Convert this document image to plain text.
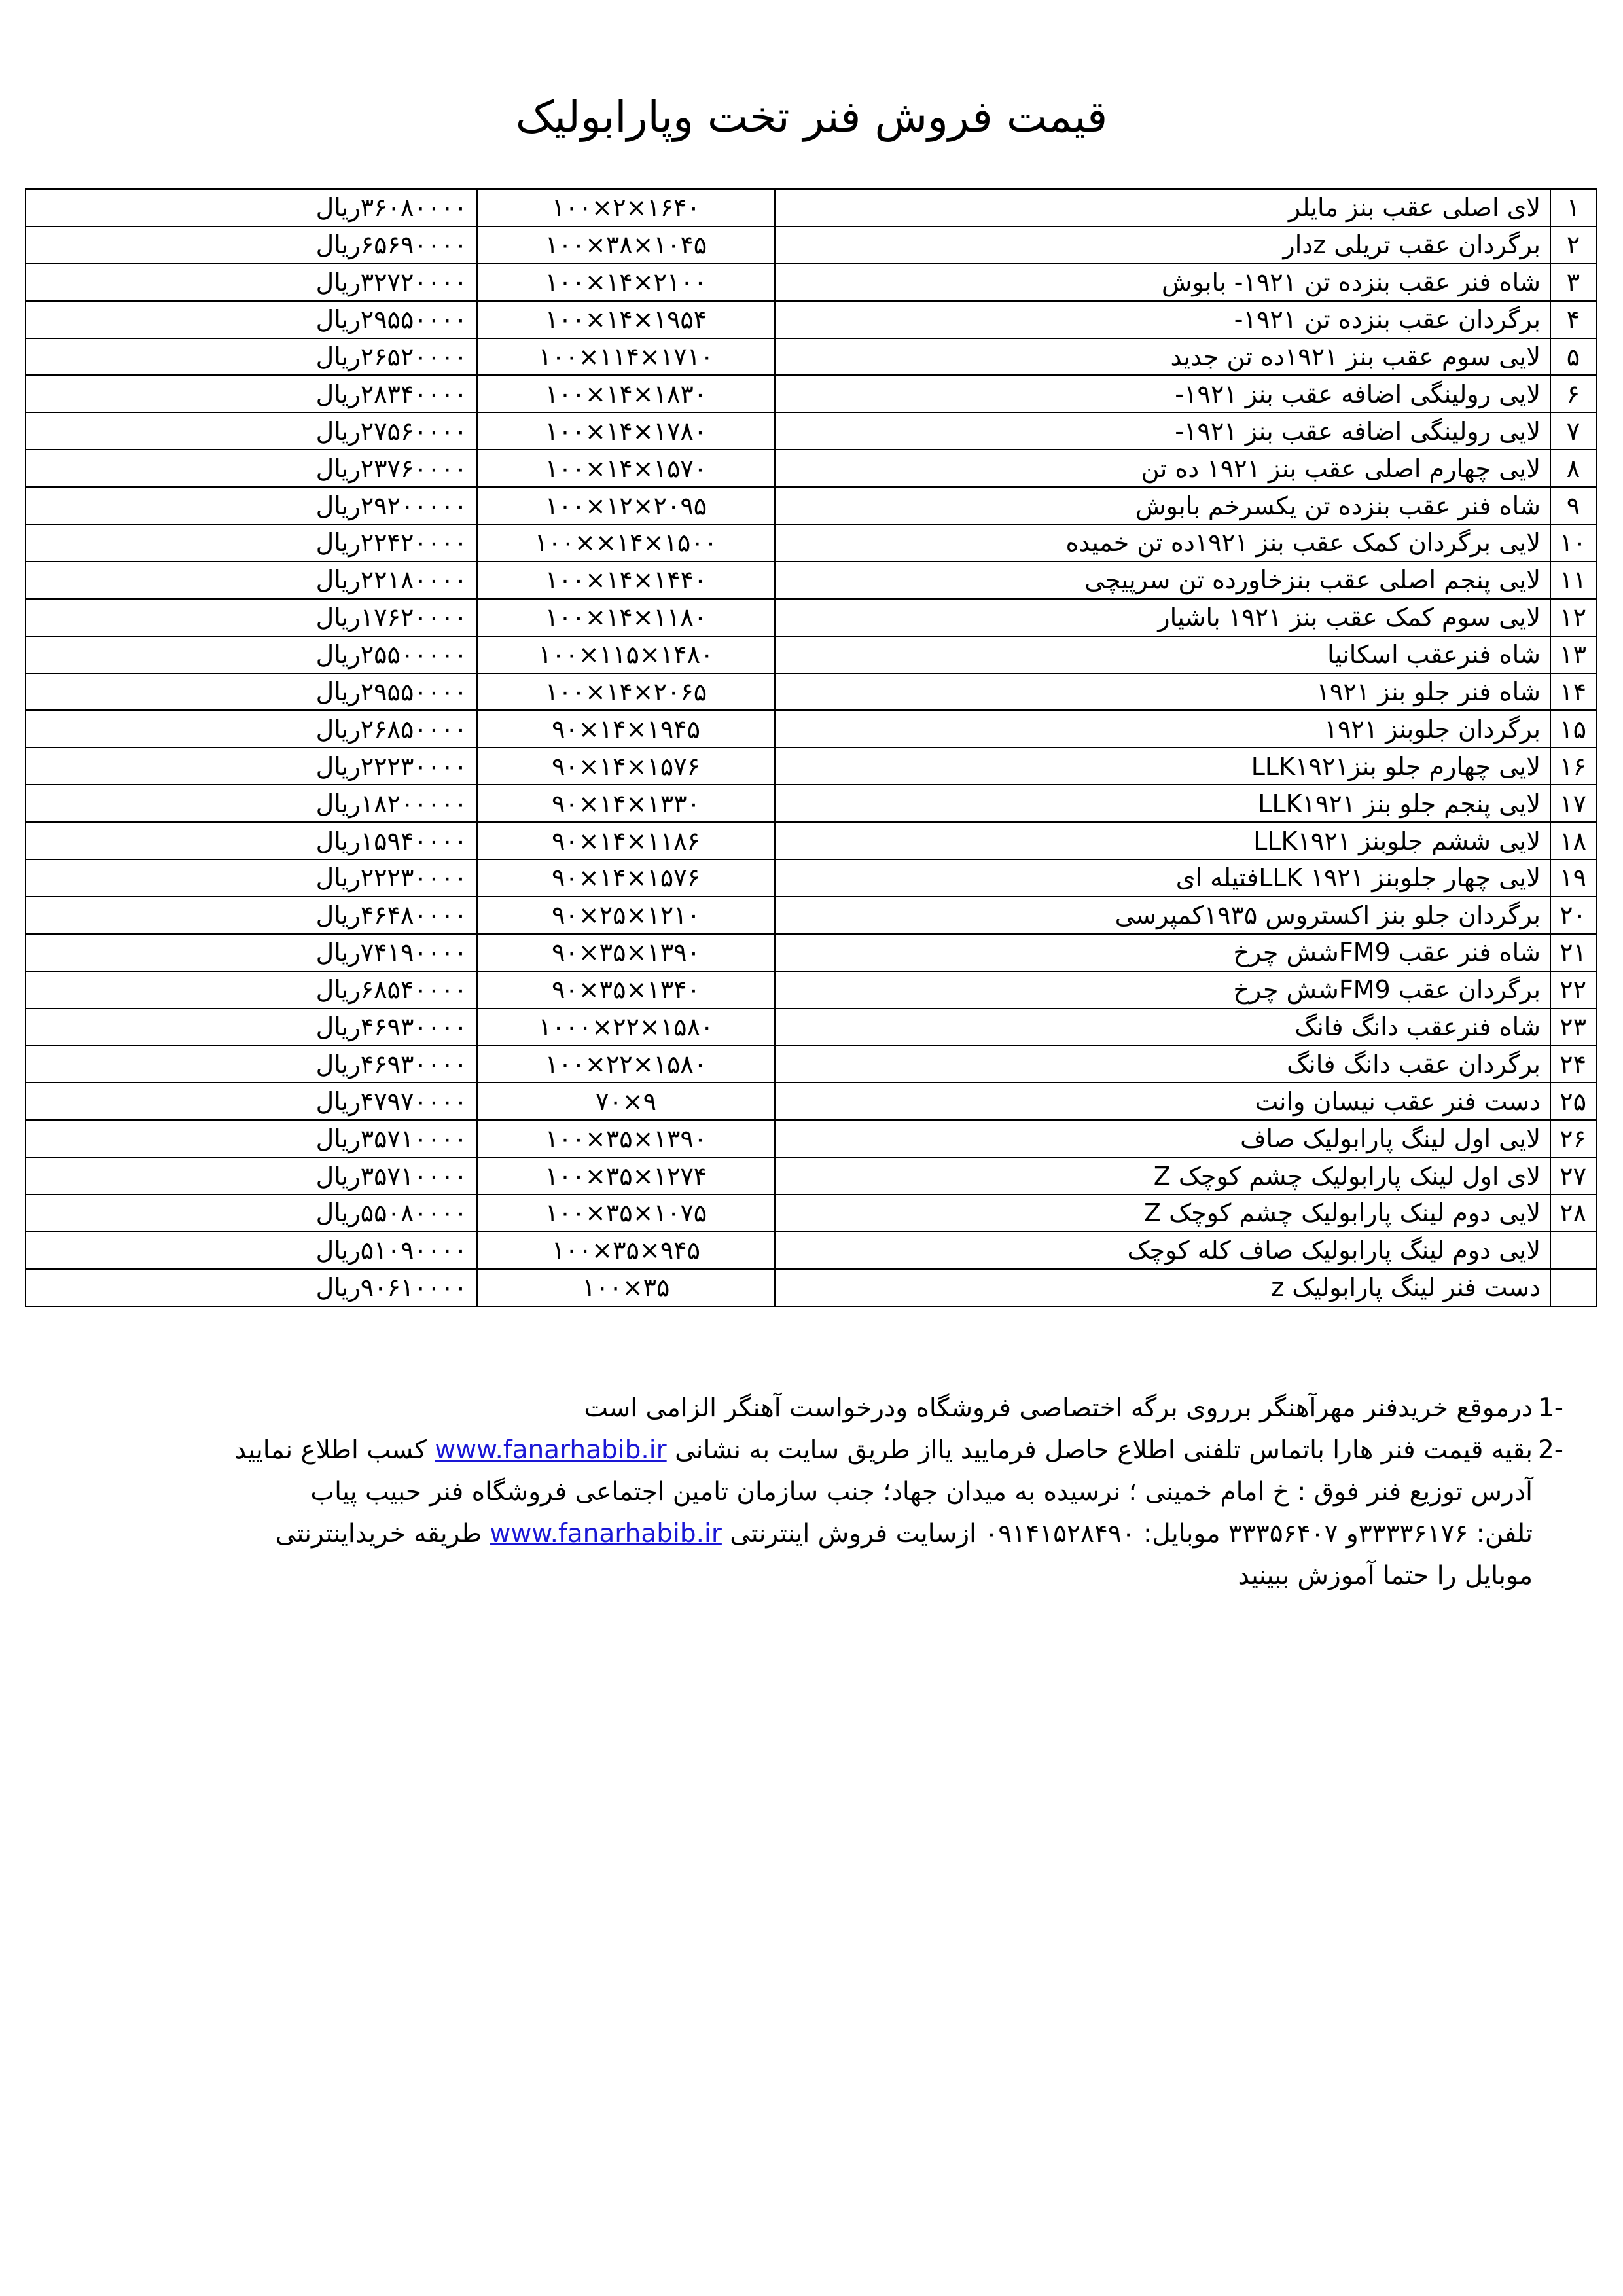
قیمت فروش فنر تخت وپارابولیک
۱	لای اصلی عقب بنز مایلر	۱۰۰×۲×۱۶۴۰	۳۶۰۸۰۰۰۰ریال
۲	برگردان عقب تریلی zدار	۱۰۰×۳۸×۱۰۴۵	۶۵۶۹۰۰۰۰ریال
۳	شاه فنر عقب بنزده تن ۱۹۲۱- بابوش	۱۰۰×۱۴×۲۱۰۰	۳۲۷۲۰۰۰۰ریال
۴	برگردان عقب بنزده تن ۱۹۲۱-	۱۰۰×۱۴×۱۹۵۴	۲۹۵۵۰۰۰۰ریال
۵	لایی سوم عقب بنز ۱۹۲۱ده تن جدید	۱۰۰×۱۱۴×۱۷۱۰	۲۶۵۲۰۰۰۰ریال
۶	لایی رولینگی اضافه عقب بنز ۱۹۲۱-	۱۰۰×۱۴×۱۸۳۰	۲۸۳۴۰۰۰۰ریال
۷	لایی رولینگی اضافه عقب بنز ۱۹۲۱-	۱۰۰×۱۴×۱۷۸۰	۲۷۵۶۰۰۰۰ریال
۸	لایی چهارم اصلی عقب بنز ۱۹۲۱ ده تن	۱۰۰×۱۴×۱۵۷۰	۲۳۷۶۰۰۰۰ریال
۹	شاه فنر عقب بنزده تن یکسرخم بابوش	۱۰۰×۱۲×۲۰۹۵	۲۹۲۰۰۰۰۰ریال
۱۰	لایی برگردان کمک عقب بنز ۱۹۲۱ده تن خمیده	۱۰۰××۱۴×۱۵۰۰	۲۲۴۲۰۰۰۰ریال
۱۱	لایی پنجم اصلی عقب بنزخاورده تن سرپیچی	۱۰۰×۱۴×۱۴۴۰	۲۲۱۸۰۰۰۰ریال
۱۲	لایی سوم کمک عقب بنز ۱۹۲۱ باشیار	۱۰۰×۱۴×۱۱۸۰	۱۷۶۲۰۰۰۰ریال
۱۳	شاه فنرعقب اسکانیا	۱۰۰×۱۱۵×۱۴۸۰	۲۵۵۰۰۰۰۰ریال
۱۴	شاه فنر جلو بنز ۱۹۲۱	۱۰۰×۱۴×۲۰۶۵	۲۹۵۵۰۰۰۰ریال
۱۵	برگردان جلوبنز ۱۹۲۱	۹۰×۱۴×۱۹۴۵	۲۶۸۵۰۰۰۰ریال
۱۶	لایی چهارم جلو بنزLLK۱۹۲۱	۹۰×۱۴×۱۵۷۶	۲۲۲۳۰۰۰۰ریال
۱۷	لایی پنجم جلو بنز LLK۱۹۲۱	۹۰×۱۴×۱۳۳۰	۱۸۲۰۰۰۰۰ریال
۱۸	لایی ششم جلوبنز LLK۱۹۲۱	۹۰×۱۴×۱۱۸۶	۱۵۹۴۰۰۰۰ریال
۱۹	لایی چهار جلوبنز ۱۹۲۱ LLKفتیله ای	۹۰×۱۴×۱۵۷۶	۲۲۲۳۰۰۰۰ریال
۲۰	برگردان جلو بنز اکستروس ۱۹۳۵کمپرسی	۹۰×۲۵×۱۲۱۰	۴۶۴۸۰۰۰۰ریال
۲۱	شاه فنر عقب FM9شش چرخ	۹۰×۳۵×۱۳۹۰	۷۴۱۹۰۰۰۰ریال
۲۲	برگردان عقب FM9شش چرخ	۹۰×۳۵×۱۳۴۰	۶۸۵۴۰۰۰۰ریال
۲۳	شاه فنرعقب دانگ فانگ	۱۰۰۰×۲۲×۱۵۸۰	۴۶۹۳۰۰۰۰ریال
۲۴	برگردان عقب دانگ فانگ	۱۰۰×۲۲×۱۵۸۰	۴۶۹۳۰۰۰۰ریال
۲۵	دست فنر عقب نیسان وانت	۷۰×۹	۴۷۹۷۰۰۰۰ریال
۲۶	لایی اول لینگ پارابولیک صاف	۱۰۰×۳۵×۱۳۹۰	۳۵۷۱۰۰۰۰ریال
۲۷	لای اول لینک پارابولیک چشم کوچک Z	۱۰۰×۳۵×۱۲۷۴	۳۵۷۱۰۰۰۰ریال
۲۸	لایی دوم لینک پارابولیک چشم کوچک Z	۱۰۰×۳۵×۱۰۷۵	۵۵۰۸۰۰۰۰ریال
	لایی دوم لینگ پارابولیک صاف کله کوچک	۱۰۰×۳۵×۹۴۵	۵۱۰۹۰۰۰۰ریال
	دست فنر لینگ پارابولیک z	۱۰۰×۳۵	۹۰۶۱۰۰۰۰ریال
1-
درموقع خریدفنر مهرآهنگر برروی برگه اختصاصی فروشگاه ودرخواست آهنگر الزامی است
2-
بقیه قیمت فنر هارا باتماس تلفنی اطلاع حاصل فرمایید یااز طریق سایت به نشانی www.fanarhabib.ir کسب اطلاع نمایید
آدرس توزیع فنر فوق : خ امام خمینی ؛ نرسیده به میدان جهاد؛ جنب سازمان تامین اجتماعی فروشگاه فنر حبیب پیاب
تلفن: ۳۳۳۳۶۱۷۶و ۳۳۳۵۶۴۰۷ موبایل: ۰۹۱۴۱۵۲۸۴۹۰ ازسایت فروش اینترنتی

www.fanarhabib.ir

طریقه خریداینترنتی
موبایل را حتما آموزش ببینید
